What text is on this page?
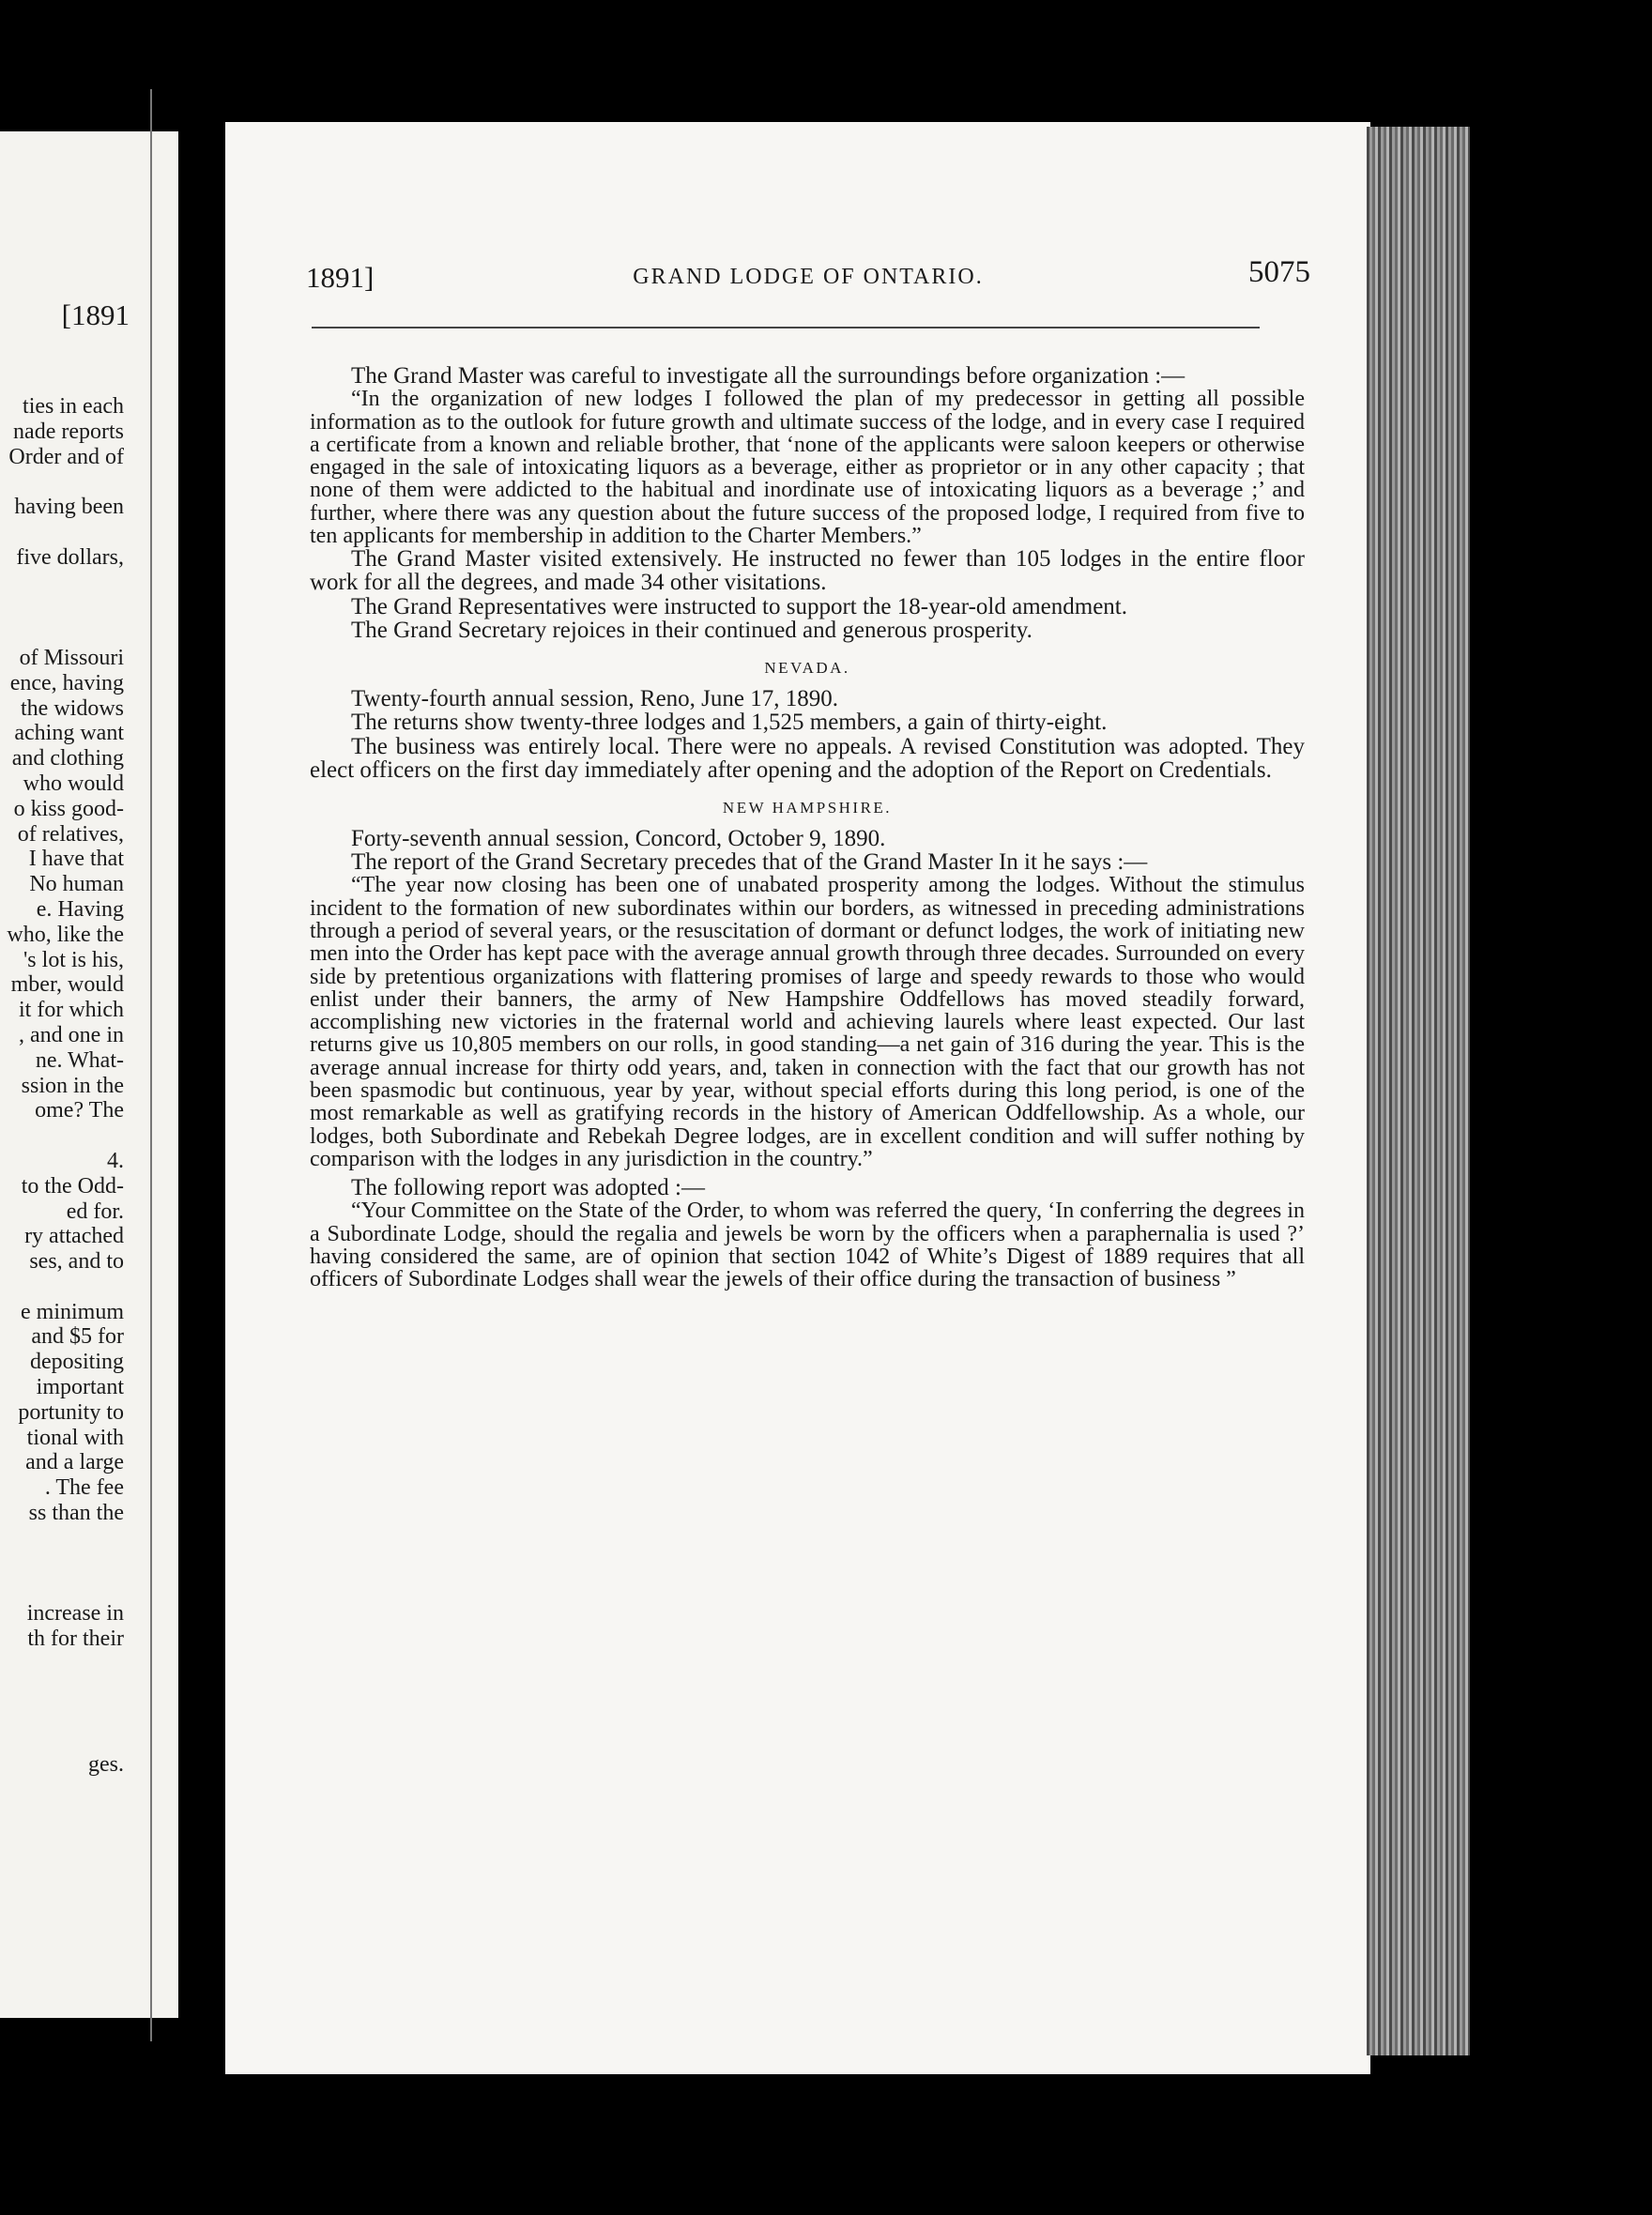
[1891
ties in each
nade reports
Order and of
having been
five dollars,
of Missouri
ence, having
the widows
aching want
and clothing
who would
o kiss good-
of relatives,
I have that
No human
e. Having
who, like the
's lot is his,
mber, would
it for which
, and one in
ne. What-
ssion in the
ome? The
4.
to the Odd-
ed for.
ry attached
ses, and to
e minimum
and $5 for
depositing
important
portunity to
tional with
and a large
. The fee
ss than the
increase in
th for their
ges.
1891]	GRAND LODGE OF ONTARIO.	5075

The Grand Master was careful to investigate all the surroundings before organization :—

“In the organization of new lodges I followed the plan of my predecessor in getting all possible information as to the outlook for future growth and ultimate success of the lodge, and in every case I required a certificate from a known and reliable brother, that ‘none of the applicants were saloon keepers or otherwise engaged in the sale of intoxicating liquors as a beverage, either as proprietor or in any other capacity ; that none of them were addicted to the habitual and inordinate use of intoxicating liquors as a beverage ;’ and further, where there was any question about the future success of the proposed lodge, I required from five to ten applicants for membership in addition to the Charter Members.”

The Grand Master visited extensively. He instructed no fewer than 105 lodges in the entire floor work for all the degrees, and made 34 other visitations.

The Grand Representatives were instructed to support the 18-year-old amendment.

The Grand Secretary rejoices in their continued and generous prosperity.

NEVADA.

Twenty-fourth annual session, Reno, June 17, 1890.

The returns show twenty-three lodges and 1,525 members, a gain of thirty-eight.

The business was entirely local. There were no appeals. A revised Constitution was adopted. They elect officers on the first day immediately after opening and the adoption of the Report on Credentials.

NEW HAMPSHIRE.

Forty-seventh annual session, Concord, October 9, 1890.

The report of the Grand Secretary precedes that of the Grand Master In it he says :—

“The year now closing has been one of unabated prosperity among the lodges. Without the stimulus incident to the formation of new subordinates within our borders, as witnessed in preceding administrations through a period of several years, or the resuscitation of dormant or defunct lodges, the work of initiating new men into the Order has kept pace with the average annual growth through three decades. Surrounded on every side by pretentious organizations with flattering promises of large and speedy rewards to those who would enlist under their banners, the army of New Hampshire Oddfellows has moved steadily forward, accomplishing new victories in the fraternal world and achieving laurels where least expected. Our last returns give us 10,805 members on our rolls, in good standing—a net gain of 316 during the year. This is the average annual increase for thirty odd years, and, taken in connection with the fact that our growth has not been spasmodic but continuous, year by year, without special efforts during this long period, is one of the most remarkable as well as gratifying records in the history of American Oddfellowship. As a whole, our lodges, both Subordinate and Rebekah Degree lodges, are in excellent condition and will suffer nothing by comparison with the lodges in any jurisdiction in the country.”

The following report was adopted :—

“Your Committee on the State of the Order, to whom was referred the query, ‘In conferring the degrees in a Subordinate Lodge, should the regalia and jewels be worn by the officers when a paraphernalia is used ?’ having considered the same, are of opinion that section 1042 of White’s Digest of 1889 requires that all officers of Subordinate Lodges shall wear the jewels of their office during the transaction of business ”
